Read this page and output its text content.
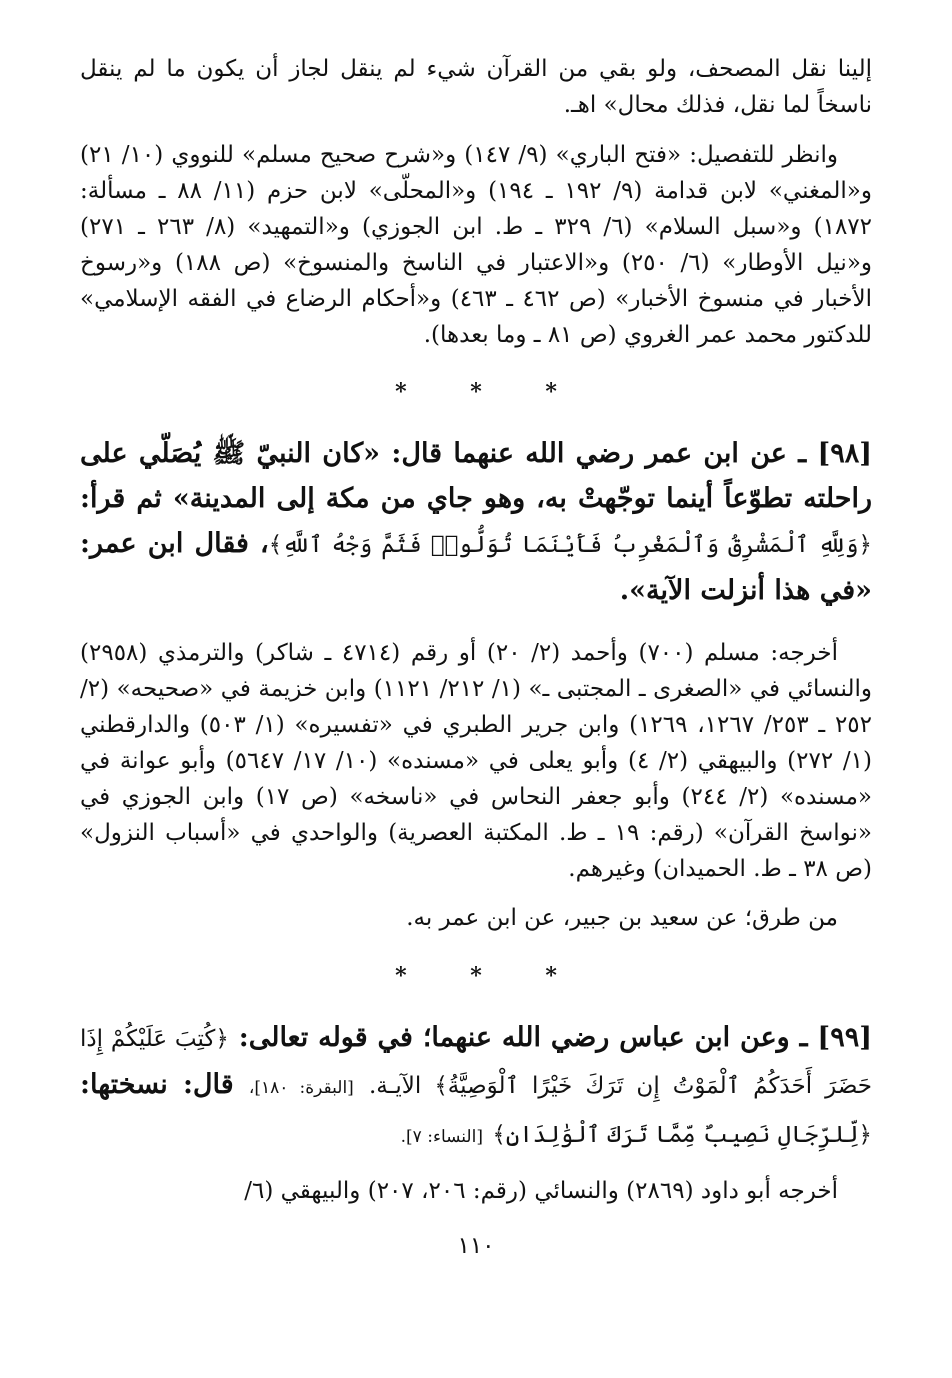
إلينا نقل المصحف، ولو بقي من القرآن شيء لم ينقل لجاز أن يكون ما لم ينقل ناسخاً لما نقل، فذلك محال» اهـ.

وانظر للتفصيل: «فتح الباري» (٩/ ١٤٧) و«شرح صحيح مسلم» للنووي (١٠/ ٢١) و«المغني» لابن قدامة (٩/ ١٩٢ ـ ١٩٤) و«المحلّى» لابن حزم (١١/ ٨٨ ـ مسألة: ١٨٧٢) و«سبل السلام» (٦/ ٣٢٩ ـ ط. ابن الجوزي) و«التمهيد» (٨/ ٢٦٣ ـ ٢٧١) و«نيل الأوطار» (٦/ ٢٥٠) و«الاعتبار في الناسخ والمنسوخ» (ص ١٨٨) و«رسوخ الأخبار في منسوخ الأخبار» (ص ٤٦٢ ـ ٤٦٣) و«أحكام الرضاع في الفقه الإسلامي» للدكتور محمد عمر الغروي (ص ٨١ ـ وما بعدها).

* * *

[٩٨] ـ عن ابن عمر رضي الله عنهما قال: «كان النبيّ ﷺ يُصَلّي على راحلته تطوّعاً أينما توجّهتْ به، وهو جاي من مكة إلى المدينة» ثم قرأ: ﴿وَلِلَّهِ ٱلْمَشْرِقُ وَٱلْمَغْرِبُ فَأَيْنَمَا تُوَلُّوا۟ فَثَمَّ وَجْهُ ٱللَّهِ﴾، فقال ابن عمر: «في هذا أنزلت الآية».

أخرجه: مسلم (٧٠٠) وأحمد (٢/ ٢٠) أو رقم (٤٧١٤ ـ شاكر) والترمذي (٢٩٥٨) والنسائي في «الصغرى ـ المجتبى ـ» (١/ ٢١٢/ ١١٢١) وابن خزيمة في «صحيحه» (٢/ ٢٥٢ ـ ٢٥٣/ ١٢٦٧، ١٢٦٩) وابن جرير الطبري في «تفسيره» (١/ ٥٠٣) والدارقطني (١/ ٢٧٢) والبيهقي (٢/ ٤) وأبو يعلى في «مسنده» (١٠/ ١٧/ ٥٦٤٧) وأبو عوانة في «مسنده» (٢/ ٢٤٤) وأبو جعفر النحاس في «ناسخه» (ص ١٧) وابن الجوزي في «نواسخ القرآن» (رقم: ١٩ ـ ط. المكتبة العصرية) والواحدي في «أسباب النزول» (ص ٣٨ ـ ط. الحميدان) وغيرهم.

من طرق؛ عن سعيد بن جبير، عن ابن عمر به.

* * *

[٩٩] ـ وعن ابن عباس رضي الله عنهما؛ في قوله تعالى: ﴿كُتِبَ عَلَيْكُمْ إِذَا حَضَرَ أَحَدَكُمُ ٱلْمَوْتُ إِن تَرَكَ خَيْرًا ٱلْوَصِيَّةُ﴾ الآيـة. [البقرة: ١٨٠]، قال: نسختها: ﴿لِّلرِّجَالِ نَصِيبٌ مِّمَّا تَرَكَ ٱلْوَٰلِدَانِ﴾ [النساء: ٧].

أخرجه أبو داود (٢٨٦٩) والنسائي (رقم: ٢٠٦، ٢٠٧) والبيهقي (٦/

١١٠
